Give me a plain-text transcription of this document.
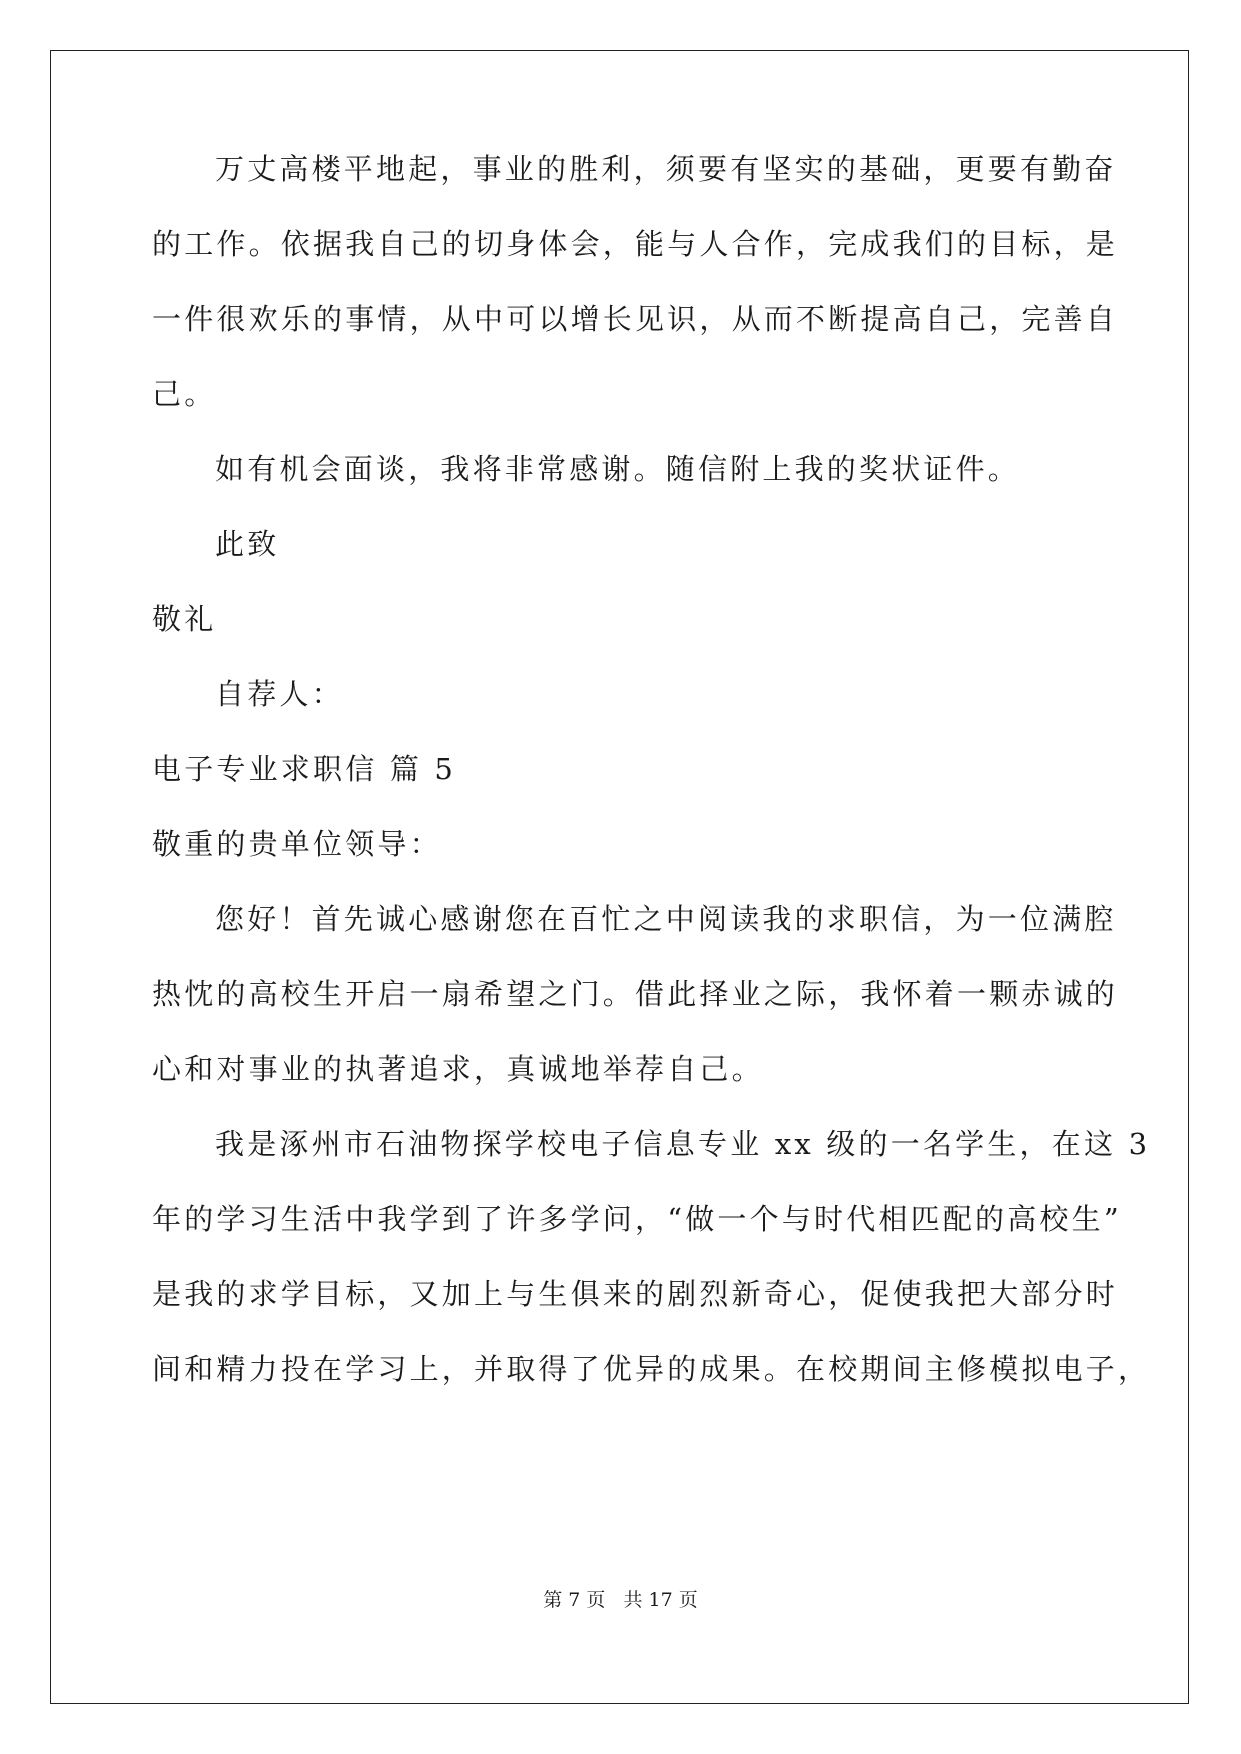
万丈高楼平地起，事业的胜利，须要有坚实的基础，更要有勤奋
的工作。依据我自己的切身体会，能与人合作，完成我们的目标，是
一件很欢乐的事情，从中可以增长见识，从而不断提高自己，完善自
己。
如有机会面谈，我将非常感谢。随信附上我的奖状证件。
此致
敬礼
自荐人：
电子专业求职信 篇 5
敬重的贵单位领导：
您好！首先诚心感谢您在百忙之中阅读我的求职信，为一位满腔
热忱的高校生开启一扇希望之门。借此择业之际，我怀着一颗赤诚的
心和对事业的执著追求，真诚地举荐自己。
我是涿州市石油物探学校电子信息专业 xx 级的一名学生，在这 3
年的学习生活中我学到了许多学问，“做一个与时代相匹配的高校生”
是我的求学目标，又加上与生俱来的剧烈新奇心，促使我把大部分时
间和精力投在学习上，并取得了优异的成果。在校期间主修模拟电子，
第 7 页 共 17 页
